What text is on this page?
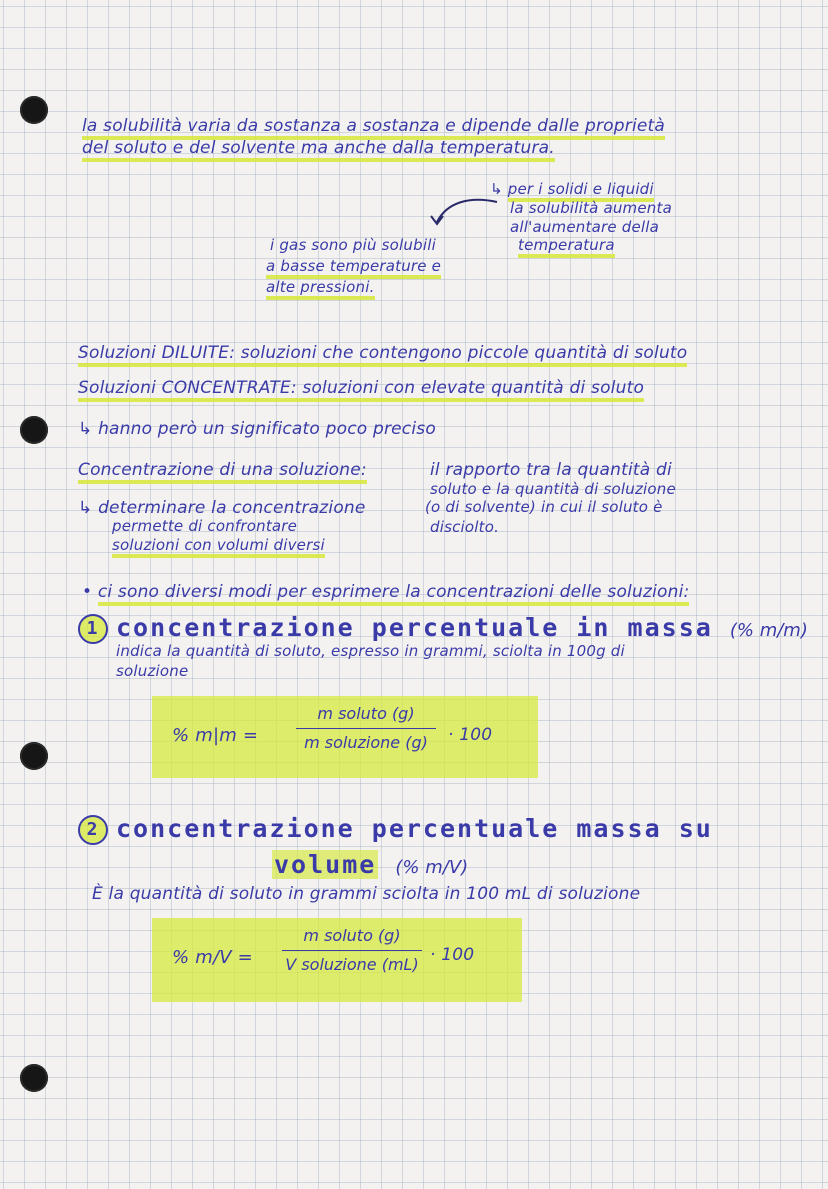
la solubilità varia da sostanza a sostanza e dipende dalle proprietà
del soluto e del solvente ma anche dalla temperatura.
↳ per i solidi e liquidi
la solubilità aumenta
all'aumentare della
temperatura
i gas sono più solubili
a basse temperature e
alte pressioni.
Soluzioni DILUITE: soluzioni che contengono piccole quantità di soluto
Soluzioni CONCENTRATE: soluzioni con elevate quantità di soluto
↳ hanno però un significato poco preciso
Concentrazione di una soluzione:	il rapporto tra la quantità di
soluto e la quantità di soluzione
(o di solvente) in cui il soluto è
disciolto.
↳ determinare la concentrazione
permette di confrontare
soluzioni con volumi diversi
• ci sono diversi modi per esprimere la concentrazioni delle soluzioni:
1 concentrazione percentuale in massa (% m/m)
indica la quantità di soluto, espresso in grammi, sciolta in 100g di
soluzione
% m|m =
m soluto (g)
m soluzione (g) · 100
2 concentrazione percentuale massa su
volume (% m/V)
È la quantità di soluto in grammi sciolta in 100 mL di soluzione
% m/V =
m soluto (g)
V soluzione (mL) · 100
